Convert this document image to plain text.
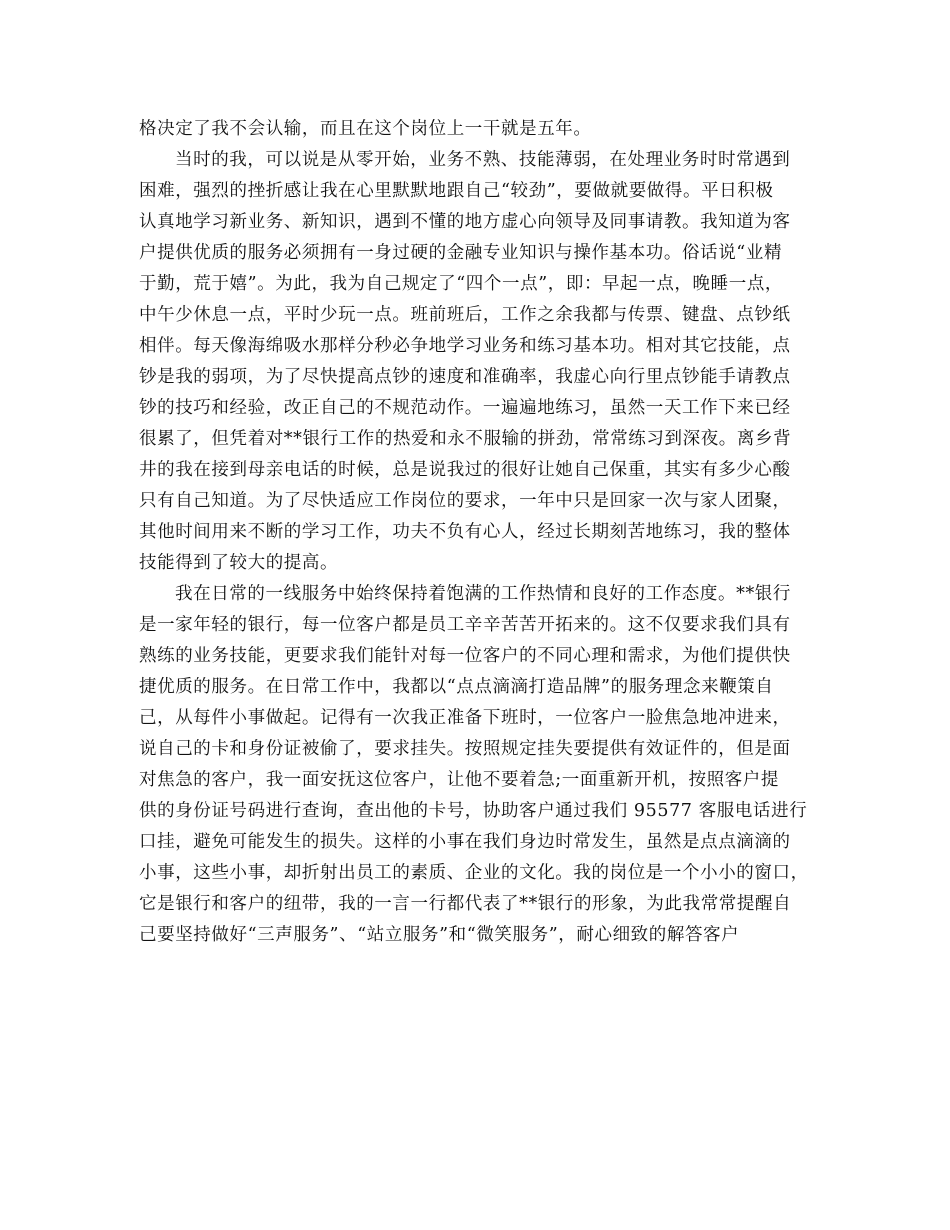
格决定了我不会认输，而且在这个岗位上一干就是五年。
当时的我，可以说是从零开始，业务不熟、技能薄弱，在处理业务时时常遇到
困难，强烈的挫折感让我在心里默默地跟自己“较劲”，要做就要做得。平日积极
认真地学习新业务、新知识，遇到不懂的地方虚心向领导及同事请教。我知道为客
户提供优质的服务必须拥有一身过硬的金融专业知识与操作基本功。俗话说“业精
于勤，荒于嬉”。为此，我为自己规定了“四个一点”，即：早起一点，晚睡一点，
中午少休息一点，平时少玩一点。班前班后，工作之余我都与传票、键盘、点钞纸
相伴。每天像海绵吸水那样分秒必争地学习业务和练习基本功。相对其它技能，点
钞是我的弱项，为了尽快提高点钞的速度和准确率，我虚心向行里点钞能手请教点
钞的技巧和经验，改正自己的不规范动作。一遍遍地练习，虽然一天工作下来已经
很累了，但凭着对**银行工作的热爱和永不服输的拼劲，常常练习到深夜。离乡背
井的我在接到母亲电话的时候，总是说我过的很好让她自己保重，其实有多少心酸
只有自己知道。为了尽快适应工作岗位的要求，一年中只是回家一次与家人团聚，
其他时间用来不断的学习工作，功夫不负有心人，经过长期刻苦地练习，我的整体
技能得到了较大的提高。
我在日常的一线服务中始终保持着饱满的工作热情和良好的工作态度。**银行
是一家年轻的银行，每一位客户都是员工辛辛苦苦开拓来的。这不仅要求我们具有
熟练的业务技能，更要求我们能针对每一位客户的不同心理和需求，为他们提供快
捷优质的服务。在日常工作中，我都以“点点滴滴打造品牌”的服务理念来鞭策自
己，从每件小事做起。记得有一次我正准备下班时，一位客户一脸焦急地冲进来，
说自己的卡和身份证被偷了，要求挂失。按照规定挂失要提供有效证件的，但是面
对焦急的客户，我一面安抚这位客户，让他不要着急;一面重新开机，按照客户提
供的身份证号码进行查询，查出他的卡号，协助客户通过我们 95577 客服电话进行
口挂，避免可能发生的损失。这样的小事在我们身边时常发生，虽然是点点滴滴的
小事，这些小事，却折射出员工的素质、企业的文化。我的岗位是一个小小的窗口，
它是银行和客户的纽带，我的一言一行都代表了**银行的形象，为此我常常提醒自
己要坚持做好“三声服务”、“站立服务”和“微笑服务”，耐心细致的解答客户
